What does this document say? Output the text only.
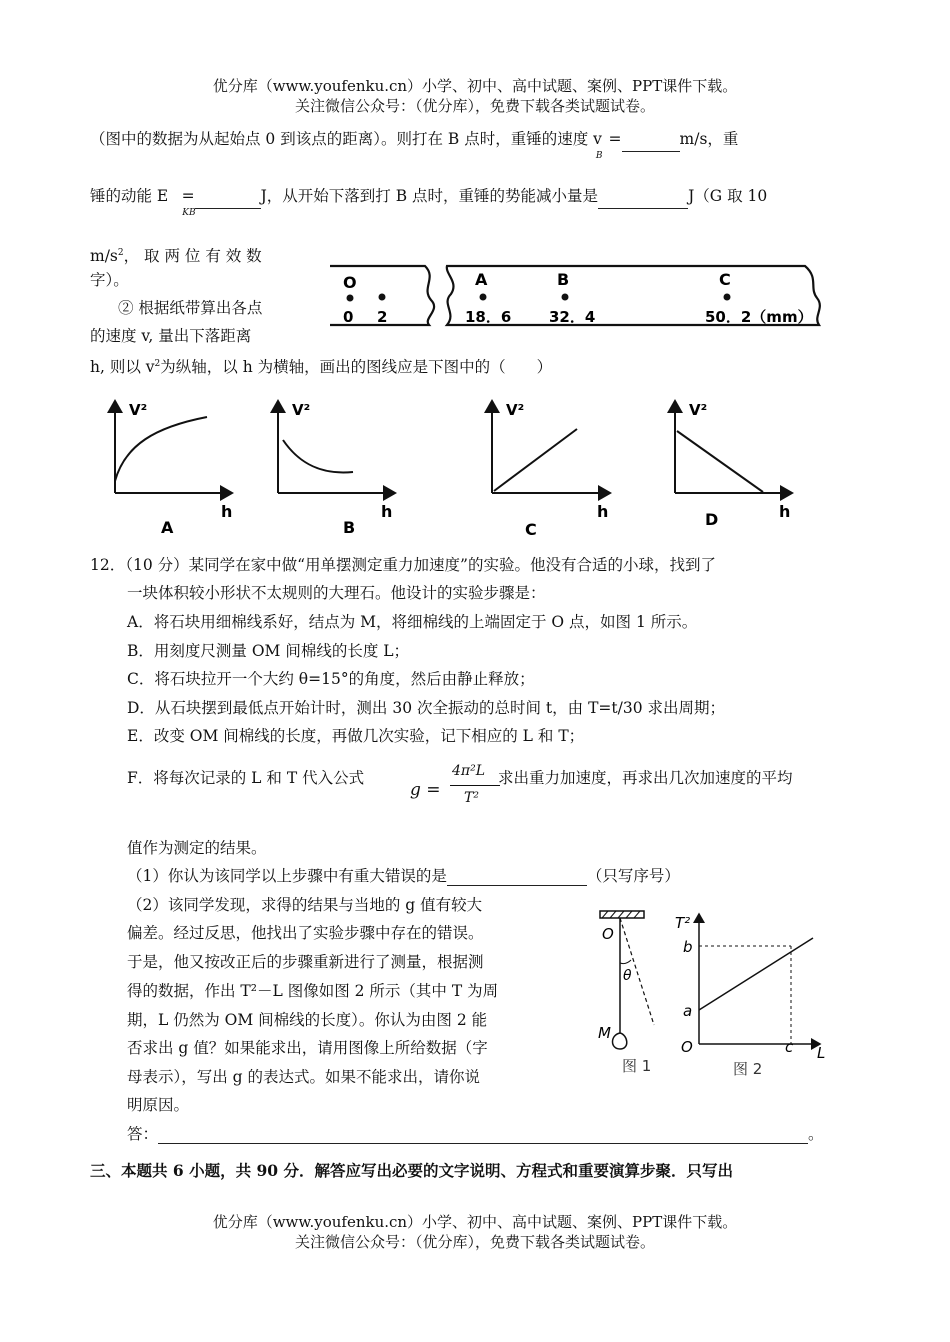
优分库（www.youfenku.cn）小学、初中、高中试题、案例、PPT课件下载。
关注微信公众号：（优分库），免费下载各类试题试卷。
（图中的数据为从起始点 0 到该点的距离）。则打在 B 点时，重锤的速度 $v_B=$	m/s，重
锤的动能 $E_{KB}=$	J，从开始下落到打 B 点时，重锤的势能减小量是	J（G 取 10
$m/s^2$， 取 两 位 有 效 数
字）。
② 根据纸带算出各点
的速度 v, 量出下落距离
h, 则以 $v^2$为纵轴，以 h 为横轴，画出的图线应是下图中的（　　）
O	A	B	C
0 2	18．6	32．4	50．2（mm）
V²
h
A
V²
h
B
V²
h
C
V²
h
D
12．（10 分）某同学在家中做“用单摆测定重力加速度”的实验。他没有合适的小球，找到了
一块体积较小形状不太规则的大理石。他设计的实验步骤是：
A．将石块用细棉线系好，结点为 M，将细棉线的上端固定于 O 点，如图 1 所示。
B．用刻度尺测量 OM 间棉线的长度 L；
C．将石块拉开一个大约 θ=15°的角度，然后由静止释放；
D．从石块摆到最低点开始计时，测出 30 次全振动的总时间 t，由 T=t/30 求出周期；
E．改变 OM 间棉线的长度，再做几次实验，记下相应的 L 和 T；
F．将每次记录的 L 和 T 代入公式
g =
4π²L
T²
求出重力加速度，再求出几次加速度的平均
值作为测定的结果。
（1）你认为该同学以上步骤中有重大错误的是	（只写序号）
（2）该同学发现，求得的结果与当地的 g 值有较大
偏差。经过反思，他找出了实验步骤中存在的错误。
于是，他又按改正后的步骤重新进行了测量，根据测
得的数据，作出 T²－L 图像如图 2 所示（其中 T 为周
期，L 仍然为 OM 间棉线的长度）。你认为由图 2 能
否求出 g 值？如果能求出，请用图像上所给数据（字
母表示），写出 g 的表达式。如果不能求出，请你说
明原因。
答：	。
O
θ
M
图 1
T²
b
a
O	c L
图 2
三、本题共 6 小题，共 90 分．解答应写出必要的文字说明、方程式和重要演算步聚．只写出
优分库（www.youfenku.cn）小学、初中、高中试题、案例、PPT课件下载。
关注微信公众号：（优分库），免费下载各类试题试卷。
